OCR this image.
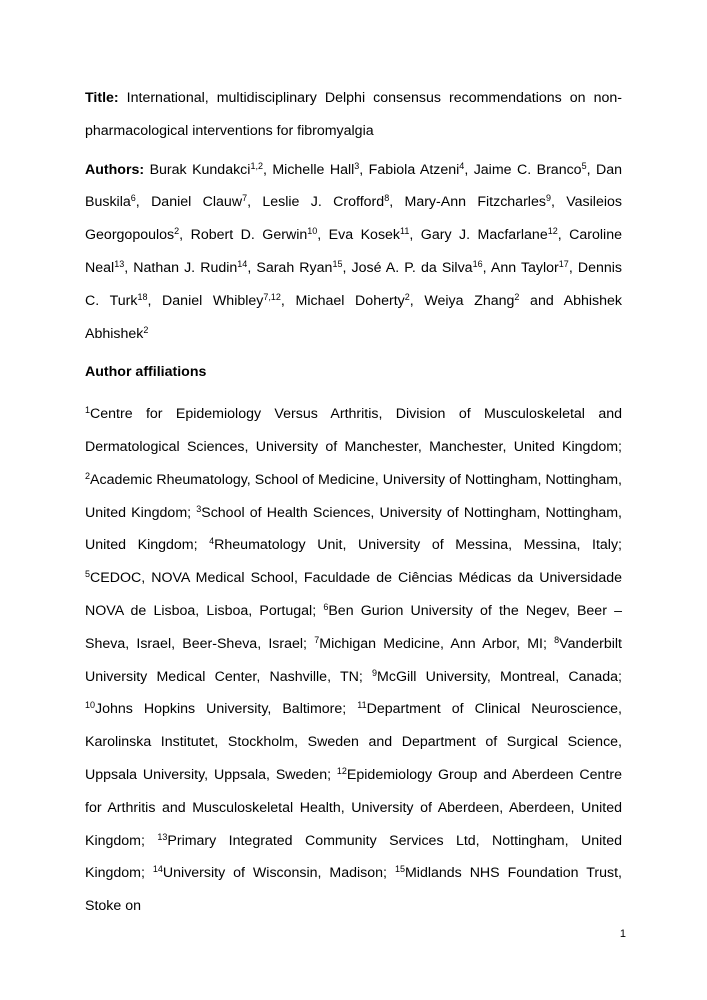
Title: International, multidisciplinary Delphi consensus recommendations on non-pharmacological interventions for fibromyalgia

Authors: Burak Kundakci$^{1,2}$, Michelle Hall$^3$, Fabiola Atzeni$^4$, Jaime C. Branco$^5$, Dan Buskila$^6$, Daniel Clauw$^7$, Leslie J. Crofford$^8$, Mary-Ann Fitzcharles$^9$, Vasileios Georgopoulos$^2$, Robert D. Gerwin$^{10}$, Eva Kosek$^{11}$, Gary J. Macfarlane$^{12}$, Caroline Neal$^{13}$, Nathan J. Rudin$^{14}$, Sarah Ryan$^{15}$, José A. P. da Silva$^{16}$, Ann Taylor$^{17}$, Dennis C. Turk$^{18}$, Daniel Whibley$^{7,12}$, Michael Doherty$^2$, Weiya Zhang$^2$ and Abhishek Abhishek$^2$

Author affiliations

$^1$Centre for Epidemiology Versus Arthritis, Division of Musculoskeletal and Dermatological Sciences, University of Manchester, Manchester, United Kingdom; $^2$Academic Rheumatology, School of Medicine, University of Nottingham, Nottingham, United Kingdom; $^3$School of Health Sciences, University of Nottingham, Nottingham, United Kingdom; $^4$Rheumatology Unit, University of Messina, Messina, Italy; $^5$CEDOC, NOVA Medical School, Faculdade de Ciências Médicas da Universidade NOVA de Lisboa, Lisboa, Portugal; $^6$Ben Gurion University of the Negev, Beer – Sheva, Israel, Beer-Sheva, Israel; $^7$Michigan Medicine, Ann Arbor, MI; $^8$Vanderbilt University Medical Center, Nashville, TN; $^9$McGill University, Montreal, Canada; $^{10}$Johns Hopkins University, Baltimore; $^{11}$Department of Clinical Neuroscience, Karolinska Institutet, Stockholm, Sweden and Department of Surgical Science, Uppsala University, Uppsala, Sweden; $^{12}$Epidemiology Group and Aberdeen Centre for Arthritis and Musculoskeletal Health, University of Aberdeen, Aberdeen, United Kingdom; $^{13}$Primary Integrated Community Services Ltd, Nottingham, United Kingdom; $^{14}$University of Wisconsin, Madison; $^{15}$Midlands NHS Foundation Trust, Stoke on

1
